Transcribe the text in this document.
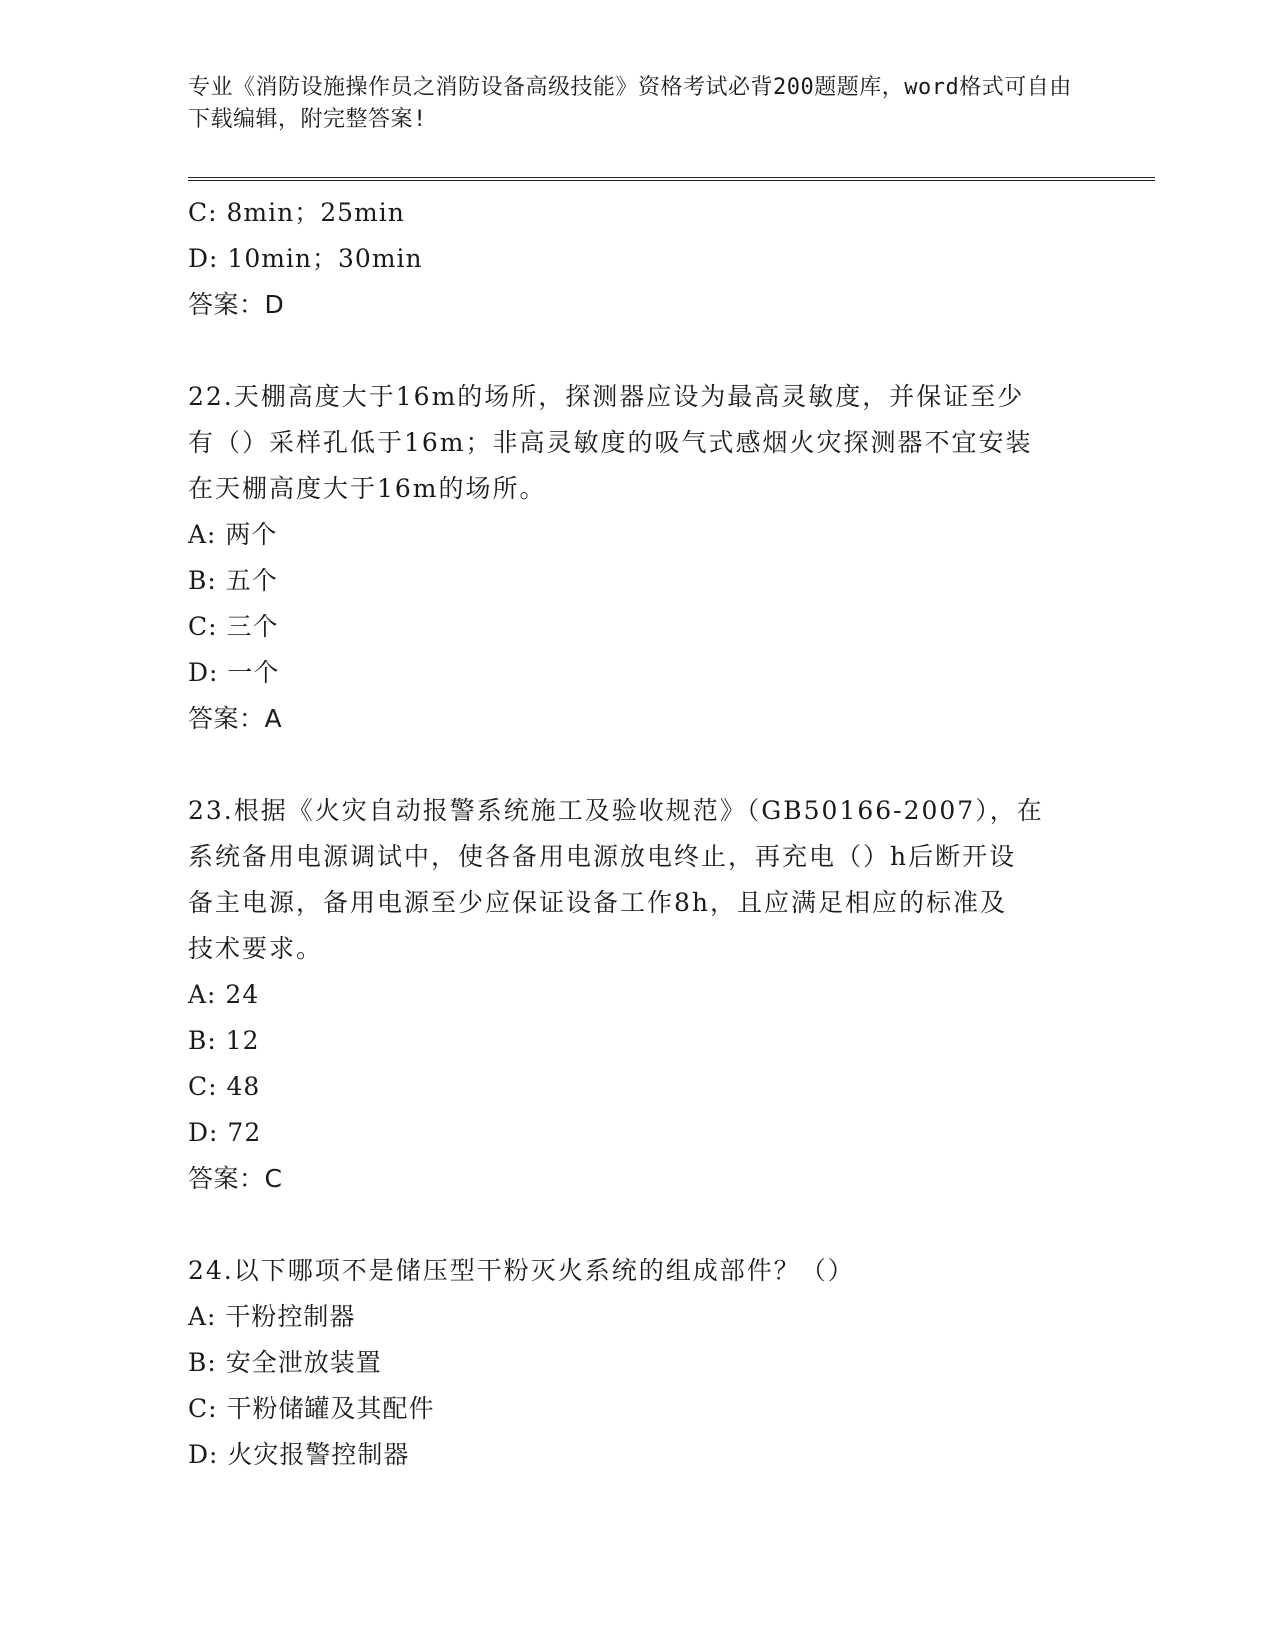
专业《消防设施操作员之消防设备高级技能》资格考试必背200题题库，word格式可自由下载编辑，附完整答案!
C: 8min；25min
D: 10min；30min
答案：D
22.天棚高度大于16m的场所，探测器应设为最高灵敏度，并保证至少
有（）采样孔低于16m；非高灵敏度的吸气式感烟火灾探测器不宜安装
在天棚高度大于16m的场所。
A: 两个
B: 五个
C: 三个
D: 一个
答案：A
23.根据《火灾自动报警系统施工及验收规范》（GB50166-2007），在
系统备用电源调试中，使各备用电源放电终止，再充电（）h后断开设
备主电源，备用电源至少应保证设备工作8h，且应满足相应的标准及
技术要求。
A: 24
B: 12
C: 48
D: 72
答案：C
24.以下哪项不是储压型干粉灭火系统的组成部件？（）
A: 干粉控制器
B: 安全泄放装置
C: 干粉储罐及其配件
D: 火灾报警控制器
